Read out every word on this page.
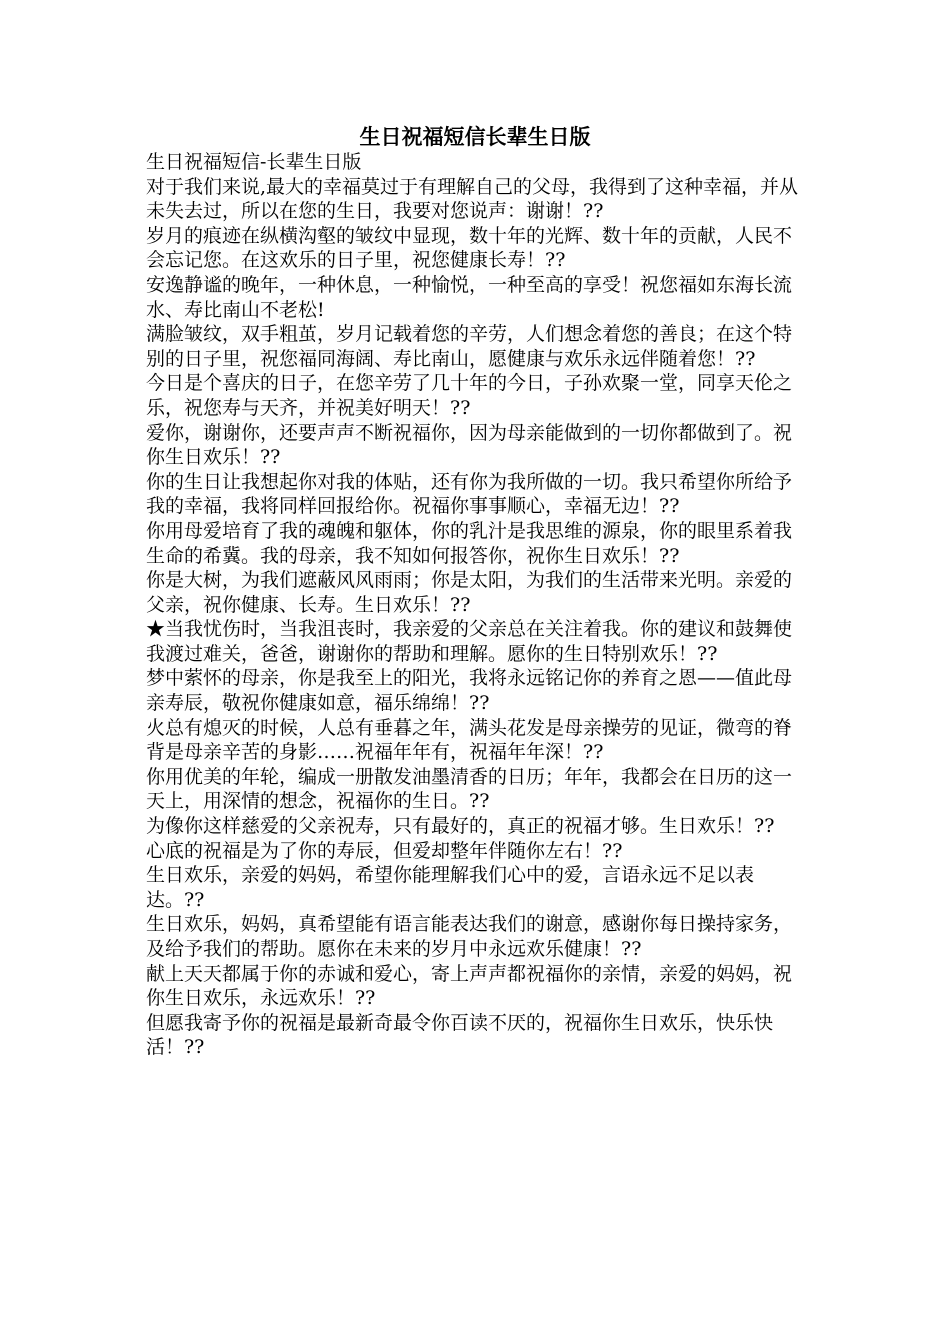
生日祝福短信长辈生日版

生日祝福短信-长辈生日版

对于我们来说,最大的幸福莫过于有理解自己的父母，我得到了这种幸福，并从未失去过，所以在您的生日，我要对您说声：谢谢！??

岁月的痕迹在纵横沟壑的皱纹中显现，数十年的光辉、数十年的贡献，人民不会忘记您。在这欢乐的日子里，祝您健康长寿！??

安逸静谧的晚年，一种休息，一种愉悦，一种至高的享受！祝您福如东海长流水、寿比南山不老松!

满脸皱纹，双手粗茧，岁月记载着您的辛劳，人们想念着您的善良；在这个特别的日子里，祝您福同海阔、寿比南山，愿健康与欢乐永远伴随着您！??

今日是个喜庆的日子，在您辛劳了几十年的今日，子孙欢聚一堂，同享天伦之乐，祝您寿与天齐，并祝美好明天！??

爱你，谢谢你，还要声声不断祝福你，因为母亲能做到的一切你都做到了。祝你生日欢乐！??

你的生日让我想起你对我的体贴，还有你为我所做的一切。我只希望你所给予我的幸福，我将同样回报给你。祝福你事事顺心，幸福无边！??

你用母爱培育了我的魂魄和躯体，你的乳汁是我思维的源泉，你的眼里系着我生命的希冀。我的母亲，我不知如何报答你，祝你生日欢乐！??

你是大树，为我们遮蔽风风雨雨；你是太阳，为我们的生活带来光明。亲爱的父亲，祝你健康、长寿。生日欢乐！??

★当我忧伤时，当我沮丧时，我亲爱的父亲总在关注着我。你的建议和鼓舞使我渡过难关，爸爸，谢谢你的帮助和理解。愿你的生日特别欢乐！??

梦中萦怀的母亲，你是我至上的阳光，我将永远铭记你的养育之恩——值此母亲寿辰，敬祝你健康如意，福乐绵绵！??

火总有熄灭的时候，人总有垂暮之年，满头花发是母亲操劳的见证，微弯的脊背是母亲辛苦的身影……祝福年年有，祝福年年深！??

你用优美的年轮，编成一册散发油墨清香的日历；年年，我都会在日历的这一天上，用深情的想念，祝福你的生日。??

为像你这样慈爱的父亲祝寿，只有最好的，真正的祝福才够。生日欢乐！??

心底的祝福是为了你的寿辰，但爱却整年伴随你左右！??

生日欢乐，亲爱的妈妈，希望你能理解我们心中的爱，言语永远不足以表达。??

生日欢乐，妈妈，真希望能有语言能表达我们的谢意，感谢你每日操持家务，及给予我们的帮助。愿你在未来的岁月中永远欢乐健康！??

献上天天都属于你的赤诚和爱心，寄上声声都祝福你的亲情，亲爱的妈妈，祝你生日欢乐，永远欢乐！??

但愿我寄予你的祝福是最新奇最令你百读不厌的，祝福你生日欢乐，快乐快活！??
